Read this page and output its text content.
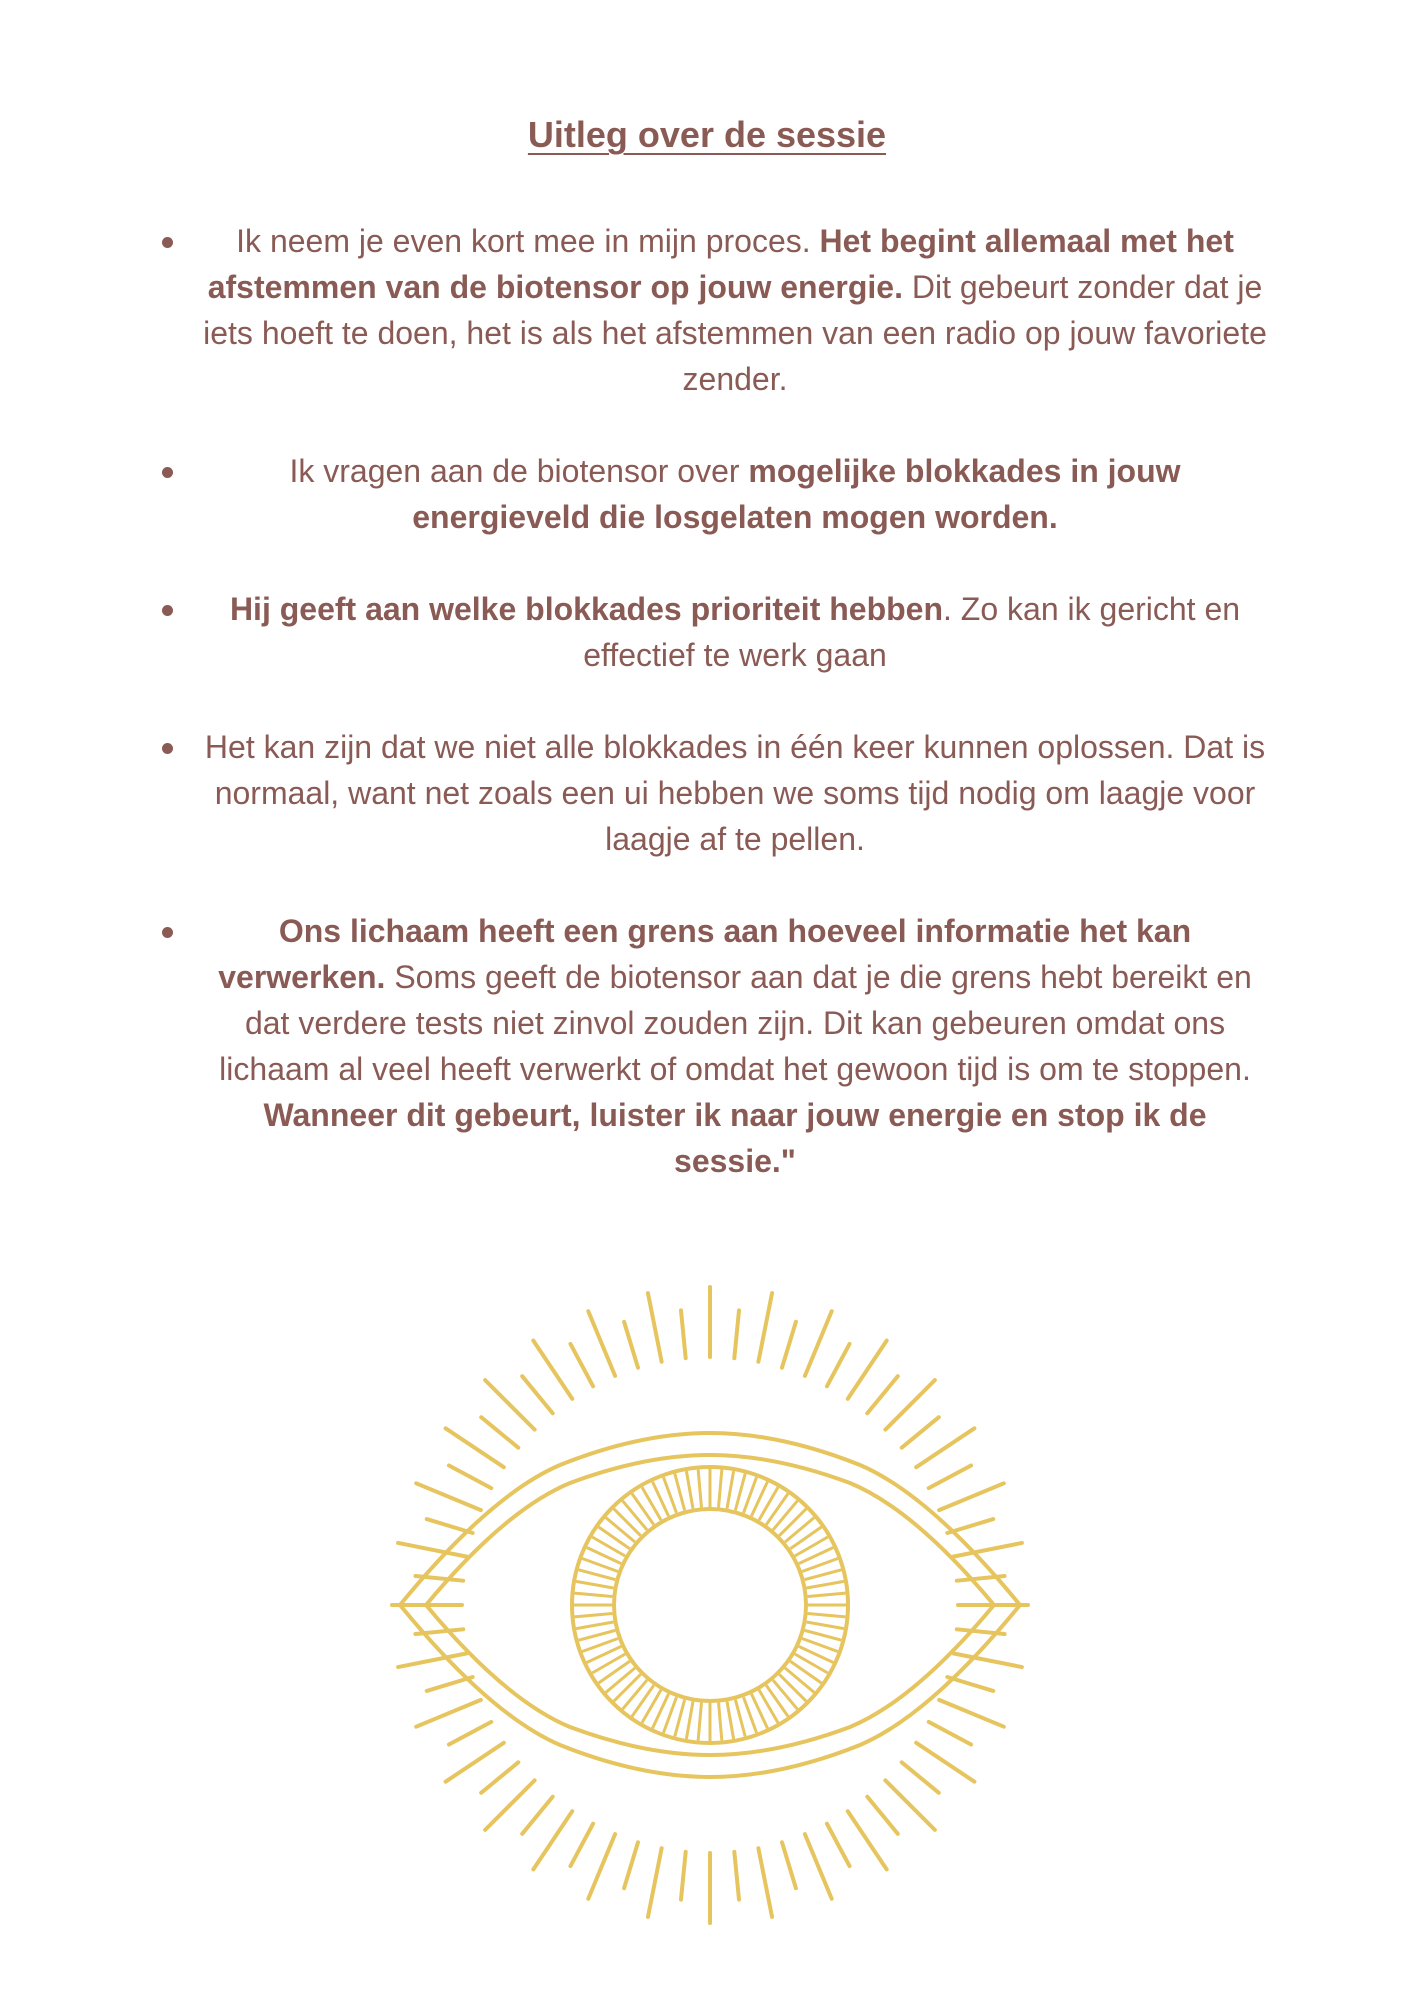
Uitleg over de sessie
Ik neem je even kort mee in mijn proces. Het begint allemaal met het afstemmen van de biotensor op jouw energie. Dit gebeurt zonder dat je iets hoeft te doen, het is als het afstemmen van een radio op jouw favoriete zender.
Ik vragen aan de biotensor over mogelijke blokkades in jouw energieveld die losgelaten mogen worden.
Hij geeft aan welke blokkades prioriteit hebben. Zo kan ik gericht en effectief te werk gaan
Het kan zijn dat we niet alle blokkades in één keer kunnen oplossen. Dat is normaal, want net zoals een ui hebben we soms tijd nodig om laagje voor laagje af te pellen.
Ons lichaam heeft een grens aan hoeveel informatie het kan verwerken. Soms geeft de biotensor aan dat je die grens hebt bereikt en dat verdere tests niet zinvol zouden zijn. Dit kan gebeuren omdat ons lichaam al veel heeft verwerkt of omdat het gewoon tijd is om te stoppen. Wanneer dit gebeurt, luister ik naar jouw energie en stop ik de sessie."
